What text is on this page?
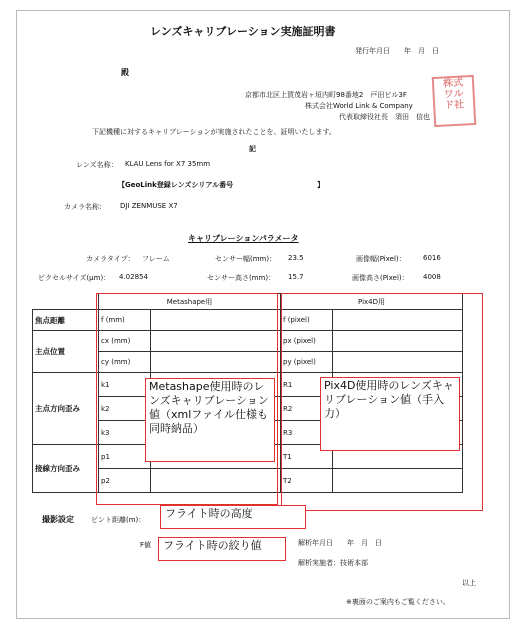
レンズキャリブレーション実施証明書
発行年月日　　年　月　日
殿
京都市北区上賀茂岩ヶ垣内町98番地2　戸田ビル3F
株式会社World Link & Company
代表取締役社長　須田　信也
株式
ワル
ド社
下記機種に対するキャリブレーションが実施されたことを、証明いたします。
記
レンズ名称： KLAU Lens for X7 35mm
【GeoLink登録レンズシリアル番号　　　　　　　　　　　　】
カメラ名称： DJI ZENMUSE X7
キャリブレーションパラメータ
カメラタイプ： フレーム	センサー幅(mm)： 23.5	画像幅(Pixel)： 6016
ピクセルサイズ(μm)： 4.02854	センサー高さ(mm)： 15.7	画像高さ(Pixel)： 4008
	Metashape用		Pix4D用	
焦点距離	f (mm)		f (pixel)	
主点位置	cx (mm)		px (pixel)	
	cy (mm)		py (pixel)	
主点方向歪み	k1		R1	
	k2		R2	
	k3		R3	
接線方向歪み	p1		T1	
	p2		T2	
Metashape使用時のレンズキャリブレーション値（xmlファイル仕様も同時納品）
Pix4D使用時のレンズキャリブレーション値（手入力）
撮影設定 ピント距離(m)：	フライト時の高度
F値	フライト時の絞り値	解析年月日　　年　月　日
解析実施者：技術本部
以上
※裏面のご案内もご覧ください。
